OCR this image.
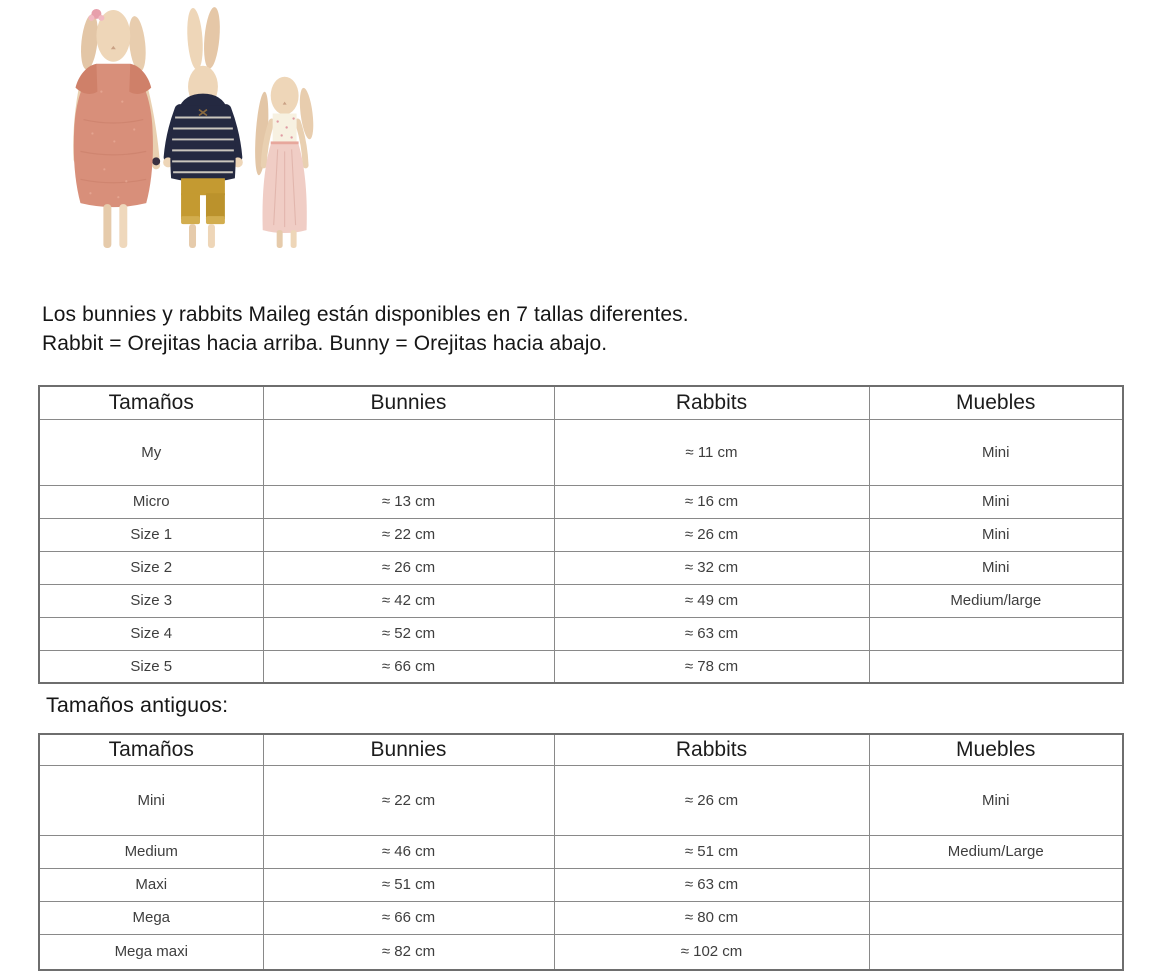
Los bunnies y rabbits Maileg están disponibles en 7 tallas diferentes.

Rabbit = Orejitas hacia arriba. Bunny = Orejitas hacia abajo.

Tamaños	Bunnies	Rabbits	Muebles
My		≈ 11 cm	Mini
Micro	≈ 13 cm	≈ 16 cm	Mini
Size 1	≈ 22 cm	≈ 26 cm	Mini
Size 2	≈ 26 cm	≈ 32 cm	Mini
Size 3	≈ 42 cm	≈ 49 cm	Medium/large
Size 4	≈ 52 cm	≈ 63 cm	
Size 5	≈ 66 cm	≈ 78 cm	
Tamaños antiguos:
Tamaños	Bunnies	Rabbits	Muebles
Mini	≈ 22 cm	≈ 26 cm	Mini
Medium	≈ 46 cm	≈ 51 cm	Medium/Large
Maxi	≈ 51 cm	≈ 63 cm	
Mega	≈ 66 cm	≈ 80 cm	
Mega maxi	≈ 82 cm	≈ 102 cm	
